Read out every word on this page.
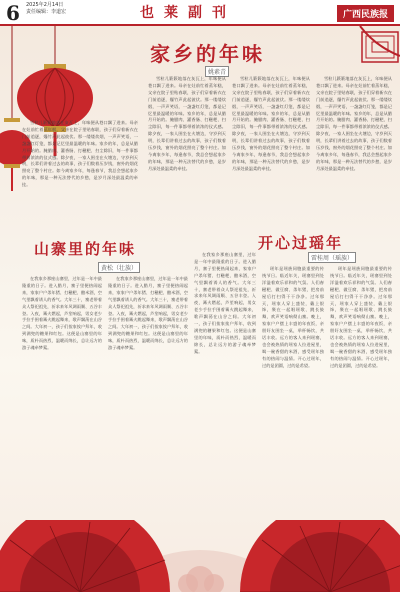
6 2025年2月14日
责任编辑：李道宏	也莱副刊	广西民族报
家乡的年味
姚素青

雪粒儿簌簌地落在灰瓦上，年味便从巷口飘了进来。母亲在灶前忙着蒸年糕，父亲在院子里贴春联，孩子们穿着新衣在门前追逐，爆竹声此起彼伏。那一缕缕炊烟，一声声笑语，一盏盏红灯笼，都是记忆里最温暖的年味。家乡的年，总是从腊月开始的。腌腊肉、灌香肠、打糍粑、扫尘除旧，每一件事都带着浓浓的仪式感。除夕夜，一家人围坐在火塘边，守岁到天明，长辈们讲着过去的故事，孩子们数着压岁钱，窗外的烟花照亮了整个村庄。如今离家多年，每逢春节，我总会想起家乡的年味，那是一种无法替代的乡愁，是岁月深处最温柔的牵挂。

雪粒儿簌簌地落在灰瓦上，年味便从巷口飘了进来。母亲在灶前忙着蒸年糕，父亲在院子里贴春联，孩子们穿着新衣在门前追逐，爆竹声此起彼伏。那一缕缕炊烟，一声声笑语，一盏盏红灯笼，都是记忆里最温暖的年味。家乡的年，总是从腊月开始的。腌腊肉、灌香肠、打糍粑、扫尘除旧，每一件事都带着浓浓的仪式感。除夕夜，一家人围坐在火塘边，守岁到天明，长辈们讲着过去的故事，孩子们数着压岁钱，窗外的烟花照亮了整个村庄。如今离家多年，每逢春节，我总会想起家乡的年味，那是一种无法替代的乡愁，是岁月深处最温柔的牵挂。

雪粒儿簌簌地落在灰瓦上，年味便从巷口飘了进来。母亲在灶前忙着蒸年糕，父亲在院子里贴春联，孩子们穿着新衣在门前追逐，爆竹声此起彼伏。那一缕缕炊烟，一声声笑语，一盏盏红灯笼，都是记忆里最温暖的年味。家乡的年，总是从腊月开始的。腌腊肉、灌香肠、打糍粑、扫尘除旧，每一件事都带着浓浓的仪式感。除夕夜，一家人围坐在火塘边，守岁到天明，长辈们讲着过去的故事，孩子们数着压岁钱，窗外的烟花照亮了整个村庄。如今离家多年，每逢春节，我总会想起家乡的年味，那是一种无法替代的乡愁，是岁月深处最温柔的牵挂。

雪粒儿簌簌地落在灰瓦上，年味便从巷口飘了进来。母亲在灶前忙着蒸年糕，父亲在院子里贴春联，孩子们穿着新衣在门前追逐，爆竹声此起彼伏。那一缕缕炊烟，一声声笑语，一盏盏红灯笼，都是记忆里最温暖的年味。家乡的年，总是从腊月开始的。腌腊肉、灌香肠、打糍粑、扫尘除旧，每一件事都带着浓浓的仪式感。除夕夜，一家人围坐在火塘边，守岁到天明，长辈们讲着过去的故事，孩子们数着压岁钱，窗外的烟花照亮了整个村庄。如今离家多年，每逢春节，我总会想起家乡的年味，那是一种无法替代的乡愁，是岁月深处最温柔的牵挂。

山寨里的年味
黄松（壮族）
开心过瑶年
雷桂周（瑶族）

在我家乡那座山寨里，过年是一年中最隆重的日子。进入腊月，寨子里便热闹起来，家家户户杀年猪、打糍粑、酿米酒，空气里飘着诱人的香气。大年三十，寨老带着众人祭祀祖先，祈求来年风调雨顺、五谷丰登。入夜，篝火燃起，芦笙响起，男女老少手拉手围着篝火跳起舞来，歌声飘荡在山谷之间。大年初一，孩子们挨家挨户拜年，收到满兜的糖果和红包。这便是山寨里的年味，质朴而热烈，温暖而绵长，总让远方的游子魂牵梦萦。

在我家乡那座山寨里，过年是一年中最隆重的日子。进入腊月，寨子里便热闹起来，家家户户杀年猪、打糍粑、酿米酒，空气里飘着诱人的香气。大年三十，寨老带着众人祭祀祖先，祈求来年风调雨顺、五谷丰登。入夜，篝火燃起，芦笙响起，男女老少手拉手围着篝火跳起舞来，歌声飘荡在山谷之间。大年初一，孩子们挨家挨户拜年，收到满兜的糖果和红包。这便是山寨里的年味，质朴而热烈，温暖而绵长，总让远方的游子魂牵梦萦。

在我家乡那座山寨里，过年是一年中最隆重的日子。进入腊月，寨子里便热闹起来，家家户户杀年猪、打糍粑、酿米酒，空气里飘着诱人的香气。大年三十，寨老带着众人祭祀祖先，祈求来年风调雨顺、五谷丰登。入夜，篝火燃起，芦笙响起，男女老少手拉手围着篝火跳起舞来，歌声飘荡在山谷之间。大年初一，孩子们挨家挨户拜年，收到满兜的糖果和红包。这便是山寨里的年味，质朴而热烈，温暖而绵长，总让远方的游子魂牵梦萦。

瑶年是瑶族同胞最重要的传统节日。临近年关，瑶寨里到处洋溢着欢乐祥和的气氛。人们舂糍粑、做豆腐、杀年猪，把房前屋后打扫得干干净净。过年那天，瑶家人穿上盛装，戴上银饰，聚在一起唱瑶歌、跳长鼓舞，欢声笑语响彻山寨。晚上，家家户户摆上丰盛的年夜饭，亲朋好友围坐一桌，举杯畅饮，共话丰收。远方的客人来到瑶寨，也会被热情的瑶家人拉进屋里，喝一碗香甜的米酒，感受瑶年独有的热闹与温情。开心过瑶年，过的是团圆，过的是希望。

瑶年是瑶族同胞最重要的传统节日。临近年关，瑶寨里到处洋溢着欢乐祥和的气氛。人们舂糍粑、做豆腐、杀年猪，把房前屋后打扫得干干净净。过年那天，瑶家人穿上盛装，戴上银饰，聚在一起唱瑶歌、跳长鼓舞，欢声笑语响彻山寨。晚上，家家户户摆上丰盛的年夜饭，亲朋好友围坐一桌，举杯畅饮，共话丰收。远方的客人来到瑶寨，也会被热情的瑶家人拉进屋里，喝一碗香甜的米酒，感受瑶年独有的热闹与温情。开心过瑶年，过的是团圆，过的是希望。
